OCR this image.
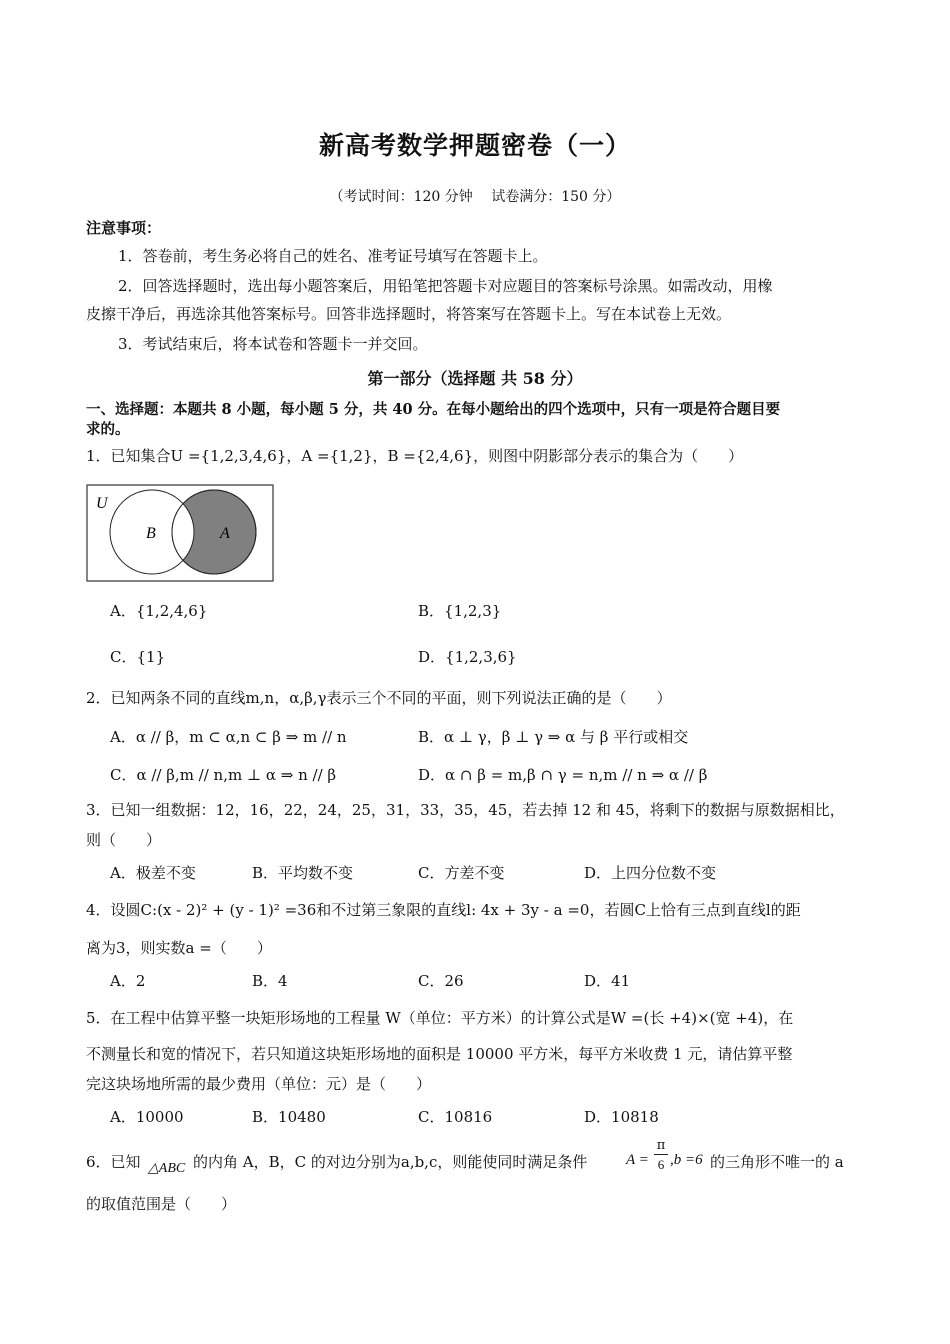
新高考数学押题密卷（一）
（考试时间：120 分钟　 试卷满分：150 分）
注意事项：
1．答卷前，考生务必将自己的姓名、准考证号填写在答题卡上。
2．回答选择题时，选出每小题答案后，用铅笔把答题卡对应题目的答案标号涂黑。如需改动，用橡
皮擦干净后，再选涂其他答案标号。回答非选择题时，将答案写在答题卡上。写在本试卷上无效。
3．考试结束后，将本试卷和答题卡一并交回。
第一部分（选择题 共 58 分）
一、选择题：本题共 8 小题，每小题 5 分，共 40 分。在每小题给出的四个选项中，只有一项是符合题目要
求的。
1．已知集合U ={1,2,3,4,6}，A ={1,2}，B ={2,4,6}，则图中阴影部分表示的集合为（　　）
U
B	A
A．{1,2,4,6}	B．{1,2,3}
C．{1}	D．{1,2,3,6}
2．已知两条不同的直线m,n，α,β,γ表示三个不同的平面，则下列说法正确的是（　　）
A．α // β，m ⊂ α,n ⊂ β ⇒ m // n	B．α ⊥ γ，β ⊥ γ ⇒ α 与 β 平行或相交
C．α // β,m // n,m ⊥ α ⇒ n // β	D．α ∩ β = m,β ∩ γ = n,m // n ⇒ α // β
3．已知一组数据：12，16，22，24，25，31，33，35，45，若去掉 12 和 45，将剩下的数据与原数据相比，
则（　　）
A．极差不变	B．平均数不变	C．方差不变	D．上四分位数不变
4．设圆C:(x - 2)² + (y - 1)² =36和不过第三象限的直线l: 4x + 3y - a =0，若圆C上恰有三点到直线l的距
离为3，则实数a =（　　）
A．2	B．4	C．26	D．41
5．在工程中估算平整一块矩形场地的工程量 W（单位：平方米）的计算公式是W =(长 +4)×(宽 +4)，在
不测量长和宽的情况下，若只知道这块矩形场地的面积是 10000 平方米，每平方米收费 1 元，请估算平整
完这块场地所需的最少费用（单位：元）是（　　）
A．10000	B．10480	C．10816	D．10818
6．已知 △ABC 的内角 A，B，C 的对边分别为a,b,c，则能使同时满足条件	A =
π
6 ,b =6 的三角形不唯一的 a
的取值范围是（　　）
